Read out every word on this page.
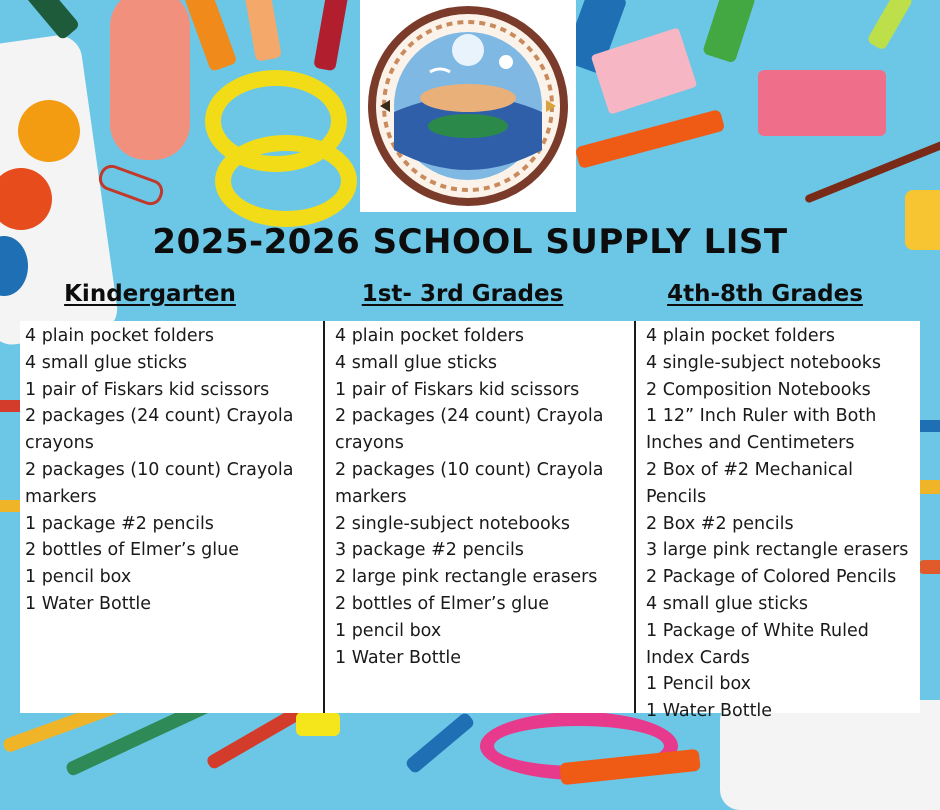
2025-2026 SCHOOL SUPPLY LIST
Kindergarten	1st- 3rd Grades	4th-8th Grades
4 plain pocket folders
4 small glue sticks
1 pair of Fiskars kid scissors
2 packages (24 count) Crayola crayons
2 packages (10 count) Crayola markers
1 package #2 pencils
2 bottles of Elmer’s glue
1 pencil box
1 Water Bottle
4 plain pocket folders
4 small glue sticks
1 pair of Fiskars kid scissors
2 packages (24 count) Crayola crayons
2 packages (10 count) Crayola markers
2 single-subject notebooks
3 package #2 pencils
2 large pink rectangle erasers
2 bottles of Elmer’s glue
1 pencil box
1 Water Bottle
4 plain pocket folders
4 single-subject notebooks
2 Composition Notebooks
1 12” Inch Ruler with Both Inches and Centimeters
2 Box of #2 Mechanical Pencils
2 Box #2 pencils
3 large pink rectangle erasers
2 Package of Colored Pencils
4 small glue sticks
1 Package of White Ruled Index Cards
1 Pencil box
1 Water Bottle
